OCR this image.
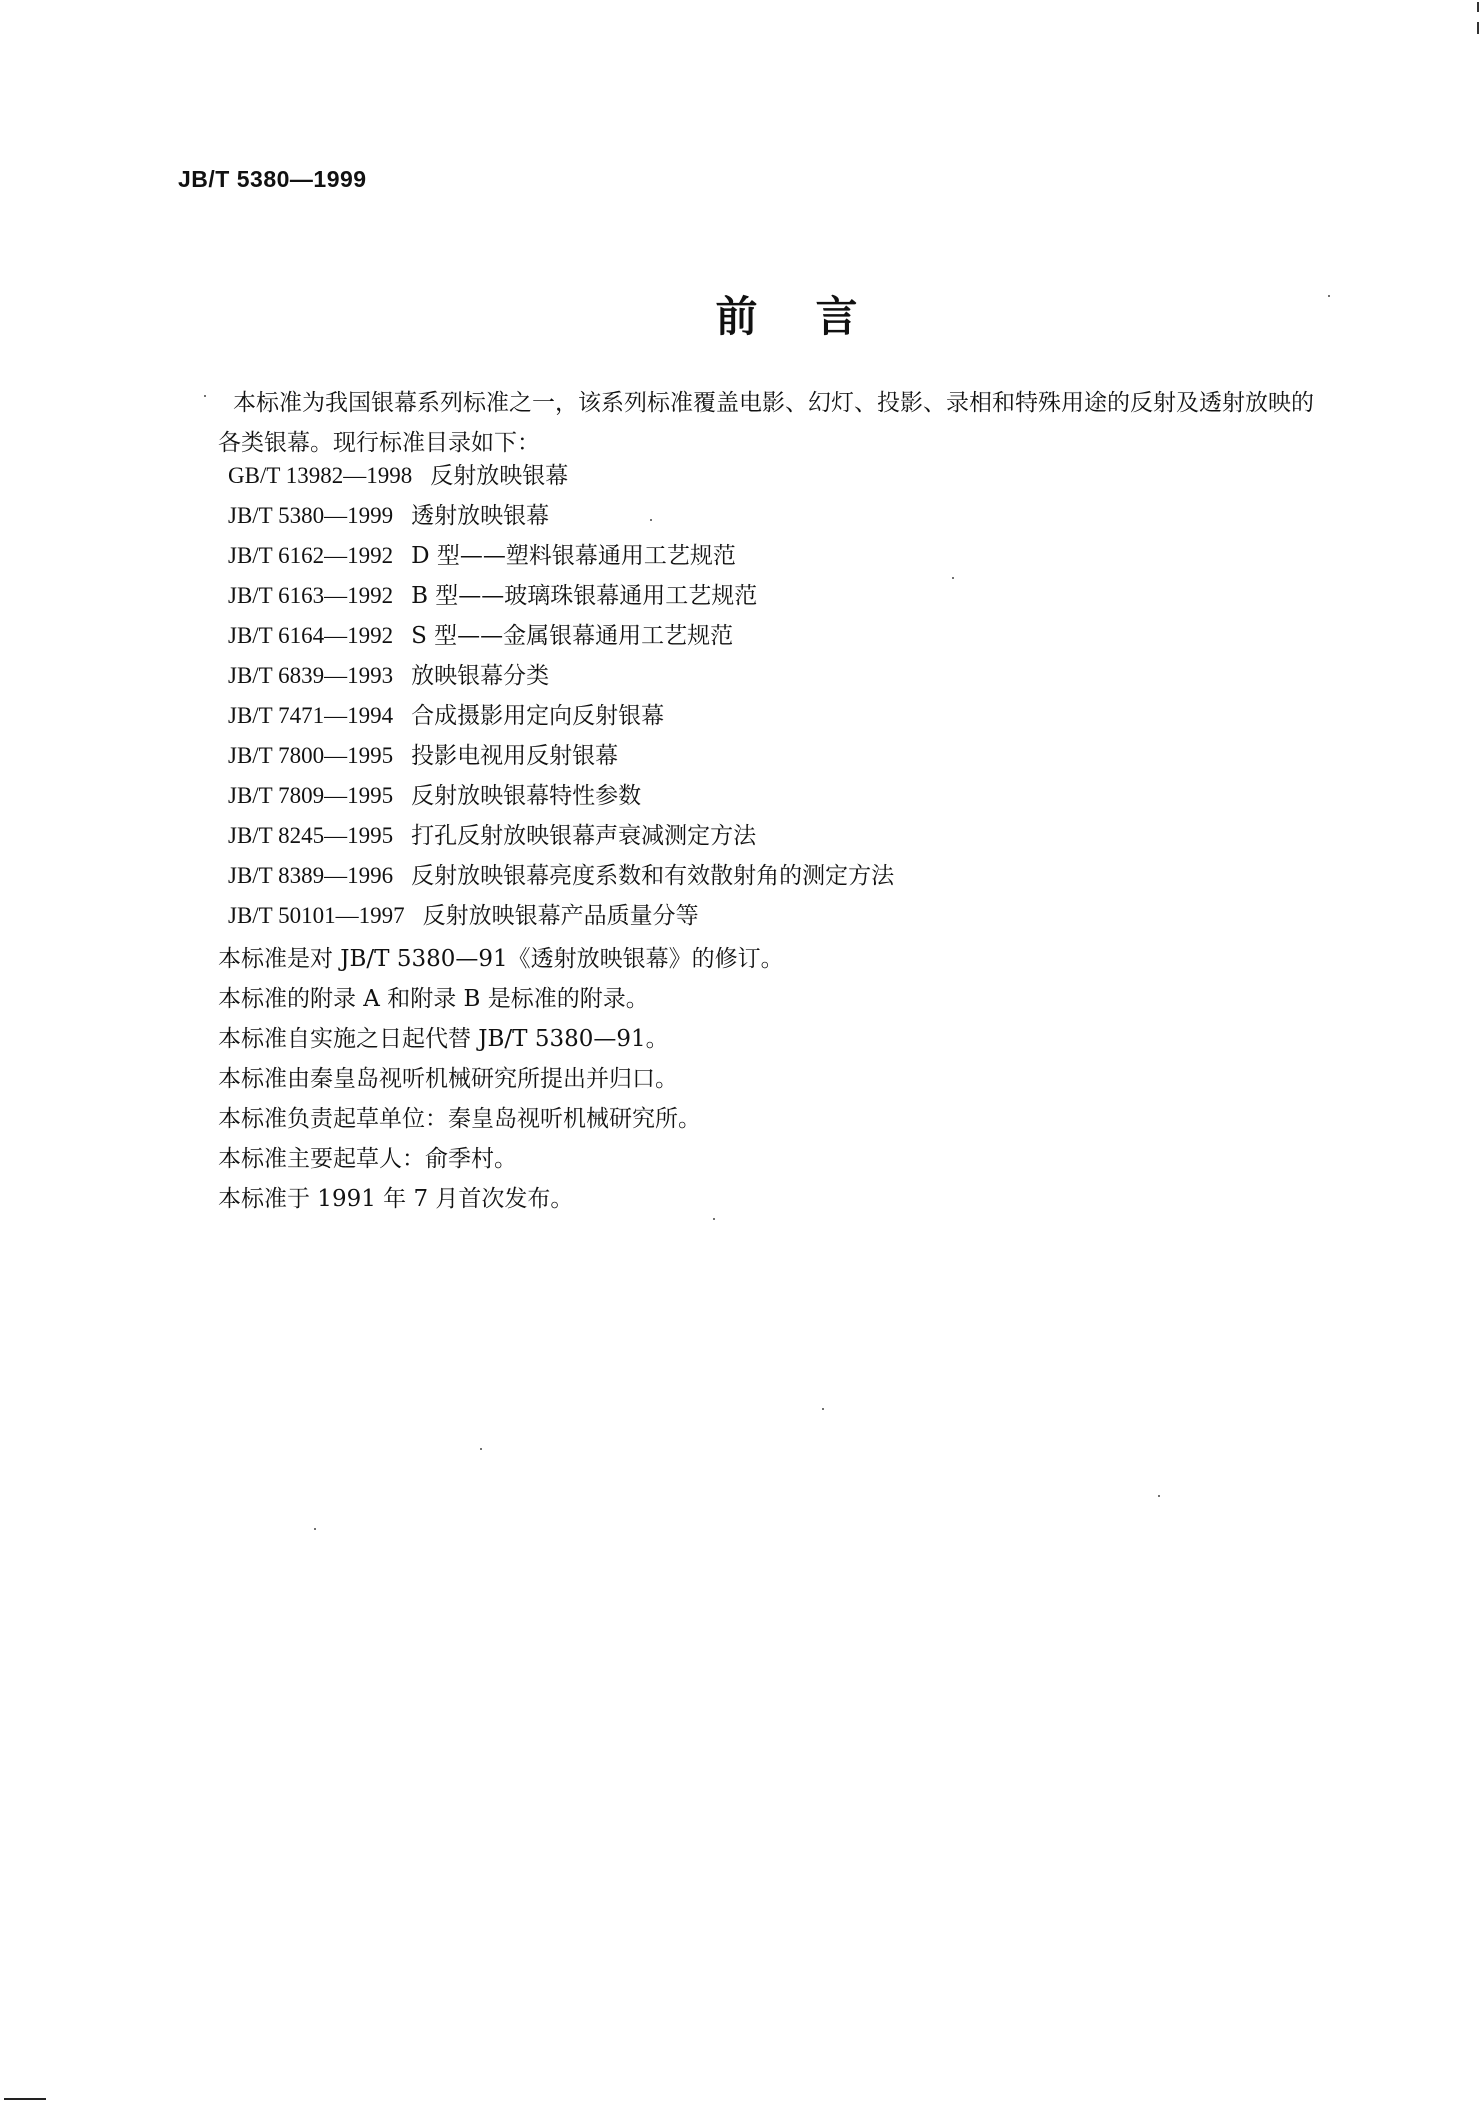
JB/T 5380—1999
前言
本标准为我国银幕系列标准之一，该系列标准覆盖电影、幻灯、投影、录相和特殊用途的反射及透射放映的各类银幕。现行标准目录如下：
GB/T 13982—1998 反射放映银幕
JB/T 5380—1999 透射放映银幕
JB/T 6162—1992 D 型——塑料银幕通用工艺规范
JB/T 6163—1992 B 型——玻璃珠银幕通用工艺规范
JB/T 6164—1992 S 型——金属银幕通用工艺规范
JB/T 6839—1993 放映银幕分类
JB/T 7471—1994 合成摄影用定向反射银幕
JB/T 7800—1995 投影电视用反射银幕
JB/T 7809—1995 反射放映银幕特性参数
JB/T 8245—1995 打孔反射放映银幕声衰减测定方法
JB/T 8389—1996 反射放映银幕亮度系数和有效散射角的测定方法
JB/T 50101—1997 反射放映银幕产品质量分等
本标准是对 JB/T 5380—91《透射放映银幕》的修订。
本标准的附录 A 和附录 B 是标准的附录。
本标准自实施之日起代替 JB/T 5380—91。
本标准由秦皇岛视听机械研究所提出并归口。
本标准负责起草单位：秦皇岛视听机械研究所。
本标准主要起草人：俞季村。
本标准于 1991 年 7 月首次发布。
